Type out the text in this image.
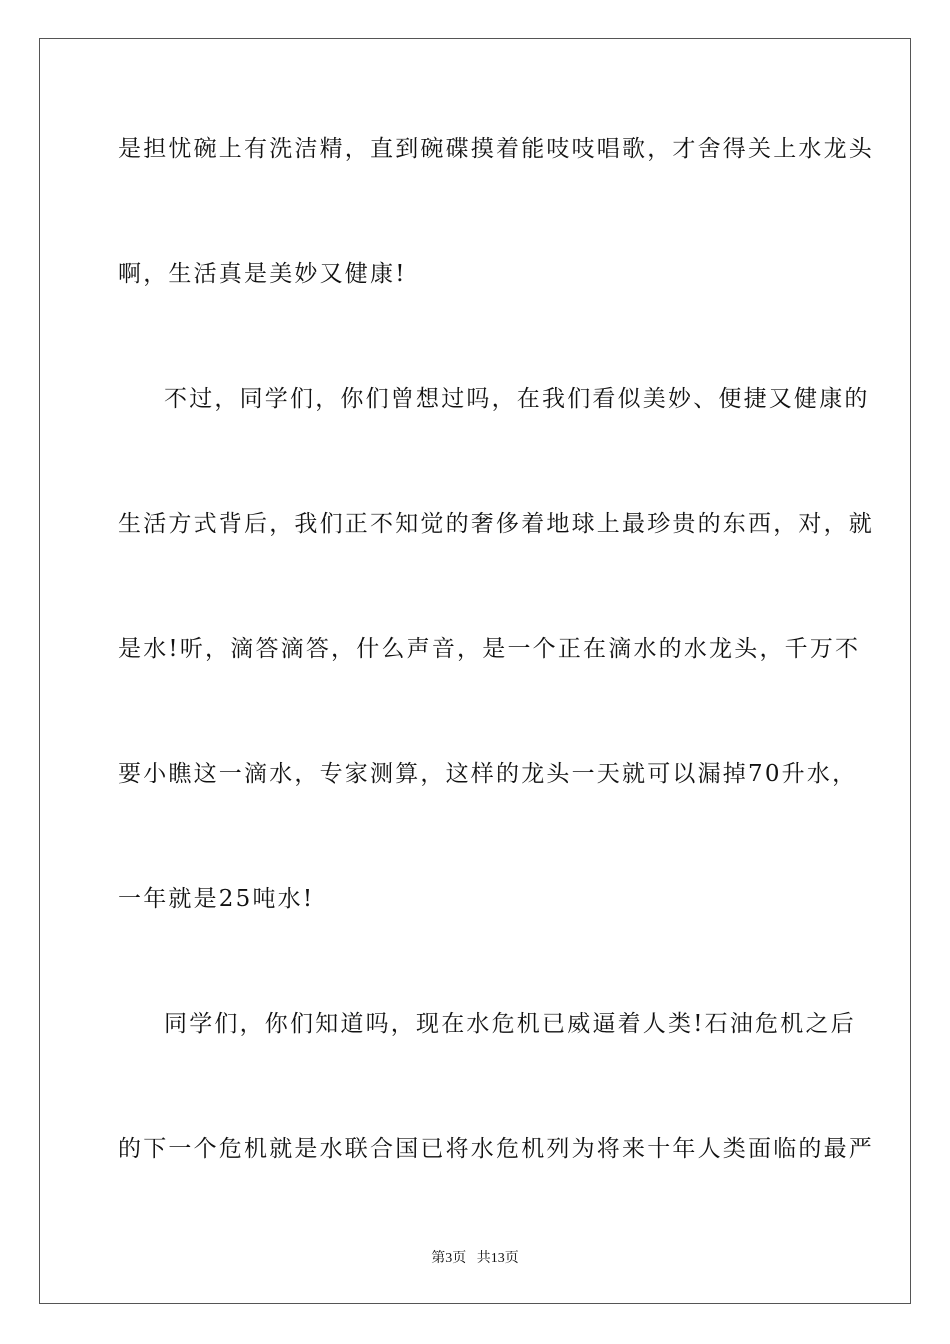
是担忧碗上有洗洁精，直到碗碟摸着能吱吱唱歌，才舍得关上水龙头
啊，生活真是美妙又健康!
不过，同学们，你们曾想过吗，在我们看似美妙、便捷又健康的
生活方式背后，我们正不知觉的奢侈着地球上最珍贵的东西，对，就
是水!听，滴答滴答，什么声音，是一个正在滴水的水龙头，千万不
要小瞧这一滴水，专家测算，这样的龙头一天就可以漏掉70升水，
一年就是25吨水!
同学们，你们知道吗，现在水危机已威逼着人类!石油危机之后
的下一个危机就是水联合国已将水危机列为将来十年人类面临的最严
第3页   共13页
